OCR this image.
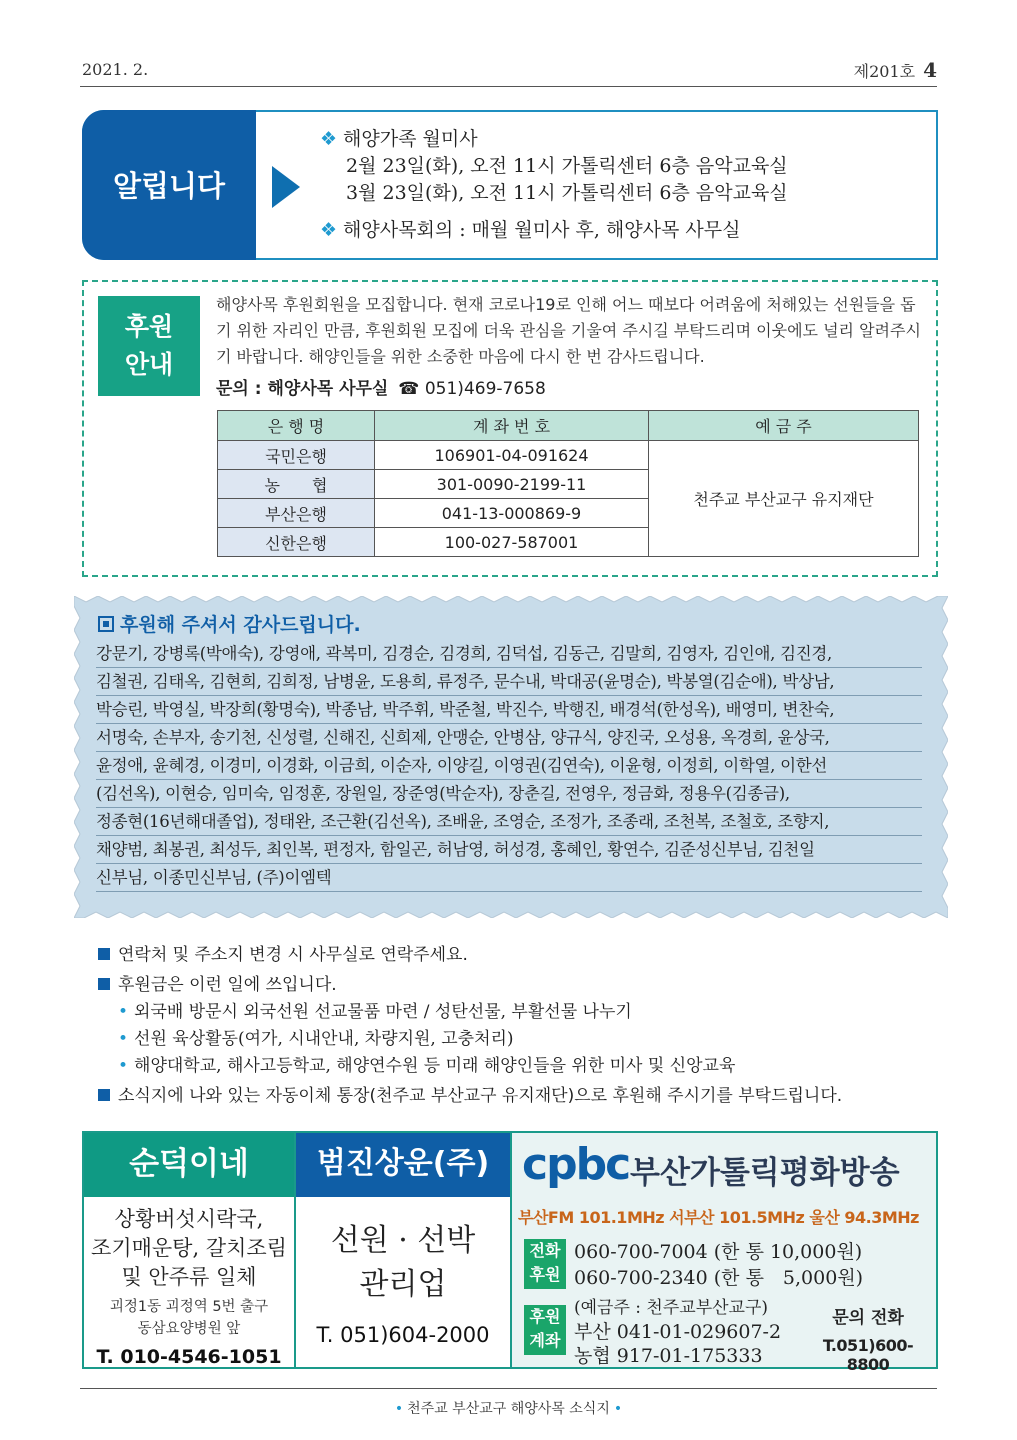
2021. 2.	제201호 4
알립니다
❖ 해양가족 월미사
2월 23일(화), 오전 11시 가톨릭센터 6층 음악교육실
3월 23일(화), 오전 11시 가톨릭센터 6층 음악교육실
❖ 해양사목회의 : 매월 월미사 후, 해양사목 사무실
후원
안내
해양사목 후원회원을 모집합니다. 현재 코로나19로 인해 어느 때보다 어려움에 처해있는 선원들을 돕기 위한 자리인 만큼, 후원회원 모집에 더욱 관심을 기울여 주시길 부탁드리며 이웃에도 널리 알려주시기 바랍니다. 해양인들을 위한 소중한 마음에 다시 한 번 감사드립니다.
문의 : 해양사목 사무실 ☎ 051)469-7658
은 행 명	계 좌 번 호	예 금 주
국민은행	106901-04-091624	천주교 부산교구 유지재단
농　　협	301-0090-2199-11	
부산은행	041-13-000869-9	
신한은행	100-027-587001	
후원해 주셔서 감사드립니다.
강문기, 강병록(박애숙), 강영애, 곽복미, 김경순, 김경희, 김덕섭, 김동근, 김말희, 김영자, 김인애, 김진경,
김철권, 김태옥, 김현희, 김희정, 남병윤, 도용희, 류정주, 문수내, 박대공(윤명순), 박봉열(김순애), 박상남,
박승린, 박영실, 박장희(황명숙), 박종남, 박주휘, 박준철, 박진수, 박행진, 배경석(한성옥), 배영미, 변찬숙,
서명숙, 손부자, 송기천, 신성렬, 신해진, 신희제, 안맹순, 안병삼, 양규식, 양진국, 오성용, 옥경희, 윤상국,
윤정애, 윤혜경, 이경미, 이경화, 이금희, 이순자, 이양길, 이영권(김연숙), 이윤형, 이정희, 이학열, 이한선
(김선옥), 이현승, 임미숙, 임정훈, 장원일, 장준영(박순자), 장춘길, 전영우, 정금화, 정용우(김종금),
정종현(16년해대졸업), 정태완, 조근환(김선옥), 조배윤, 조영순, 조정가, 조종래, 조천복, 조철호, 조향지,
채양범, 최봉권, 최성두, 최인복, 편정자, 함일곤, 허남영, 허성경, 홍혜인, 황연수, 김준성신부님, 김천일
신부님, 이종민신부님, (주)이엠텍
연락처 및 주소지 변경 시 사무실로 연락주세요.
후원금은 이런 일에 쓰입니다.
• 외국배 방문시 외국선원 선교물품 마련 / 성탄선물, 부활선물 나누기
• 선원 육상활동(여가, 시내안내, 차량지원, 고충처리)
• 해양대학교, 해사고등학교, 해양연수원 등 미래 해양인들을 위한 미사 및 신앙교육
소식지에 나와 있는 자동이체 통장(천주교 부산교구 유지재단)으로 후원해 주시기를 부탁드립니다.
순덕이네
상황버섯시락국,
조기매운탕, 갈치조림
및 안주류 일체
괴정1동 괴정역 5번 출구
동삼요양병원 앞
T. 010-4546-1051
범진상운(주)
선원 · 선박
관리업
T. 051)604-2000
cpbc 부산가톨릭평화방송
부산FM 101.1MHz 서부산 101.5MHz 울산 94.3MHz
전화
후원
060-700-7004 (한 통 10,000원)
060-700-2340 (한 통　5,000원)
후원
계좌
(예금주 : 천주교부산교구)
부산 041-01-029607-2
농협 917-01-175333
문의 전화
T.051)600-8800
• 천주교 부산교구 해양사목 소식지 •
